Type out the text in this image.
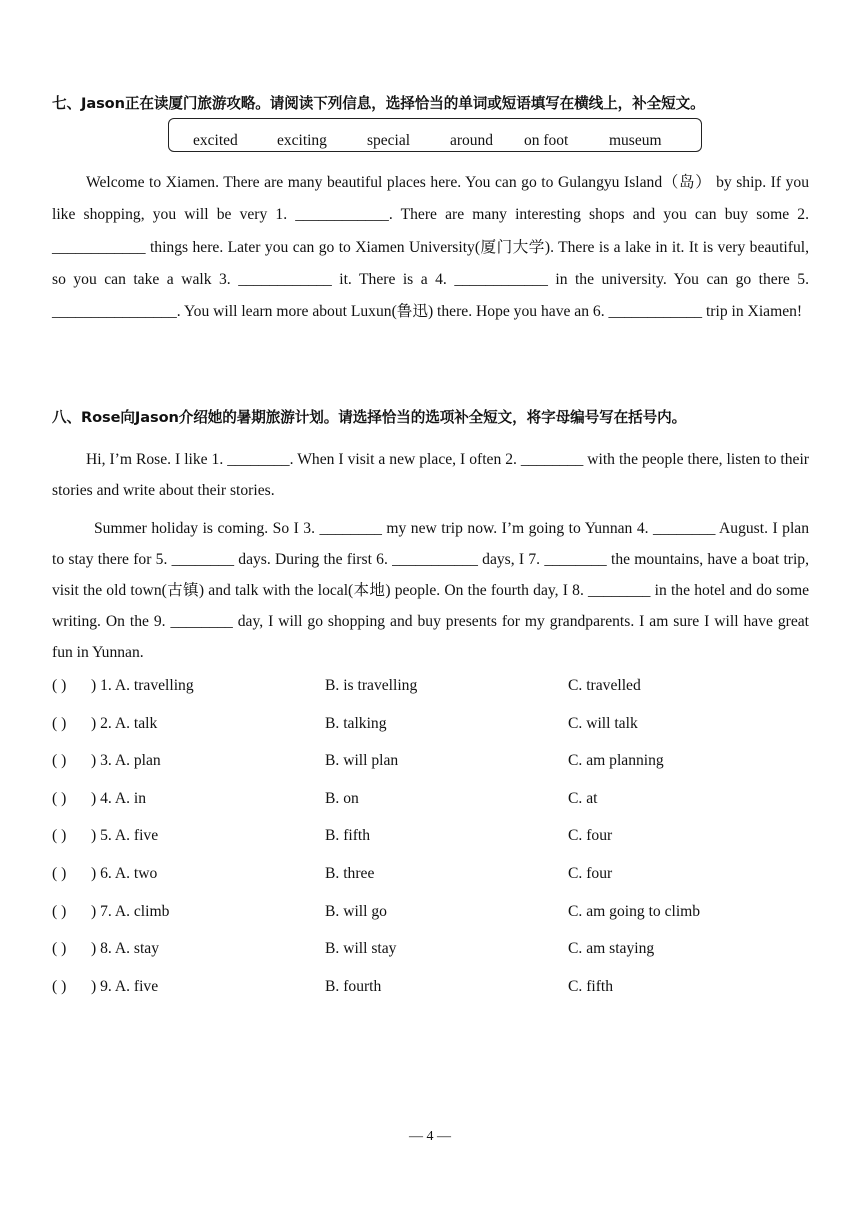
七、Jason正在读厦门旅游攻略。请阅读下列信息，选择恰当的单词或短语填写在横线上，补全短文。
excited	exciting	special	around on foot	museum

Welcome to Xiamen. There are many beautiful places here. You can go to Gulangyu Island（岛） by ship. If you like shopping, you will be very 1. ____________. There are many interesting shops and you can buy some 2. ____________ things here. Later you can go to Xiamen University(厦门大学). There is a lake in it. It is very beautiful, so you can take a walk 3. ____________ it. There is a 4. ____________ in the university. You can go there 5. ________________. You will learn more about Luxun(鲁迅) there. Hope you have an 6. ____________ trip in Xiamen!

八、Rose向Jason介绍她的暑期旅游计划。请选择恰当的选项补全短文，将字母编号写在括号内。

Hi, I’m Rose. I like 1. ________. When I visit a new place, I often 2. ________ with the people there, listen to their stories and write about their stories.

Summer holiday is coming. So I 3. ________ my new trip now. I’m going to Yunnan 4. ________ August. I plan to stay there for 5. ________ days. During the first 6. ___________ days, I 7. ________ the mountains, have a boat trip, visit the old town(古镇) and talk with the local(本地) people. On the fourth day, I 8. ________ in the hotel and do some writing. On the 9. ________ day, I will go shopping and buy presents for my grandparents. I am sure I will have great fun in Yunnan.

( ) ) 1. A. travelling	B. is travelling	C. travelled
( ) ) 2. A. talk	B. talking	C. will talk
( ) ) 3. A. plan	B. will plan	C. am planning
( ) ) 4. A. in	B. on	C. at
( ) ) 5. A. five	B. fifth	C. four
( ) ) 6. A. two	B. three	C. four
( ) ) 7. A. climb	B. will go	C. am going to climb
( ) ) 8. A. stay	B. will stay	C. am staying
( ) ) 9. A. five	B. fourth	C. fifth
— 4 —
